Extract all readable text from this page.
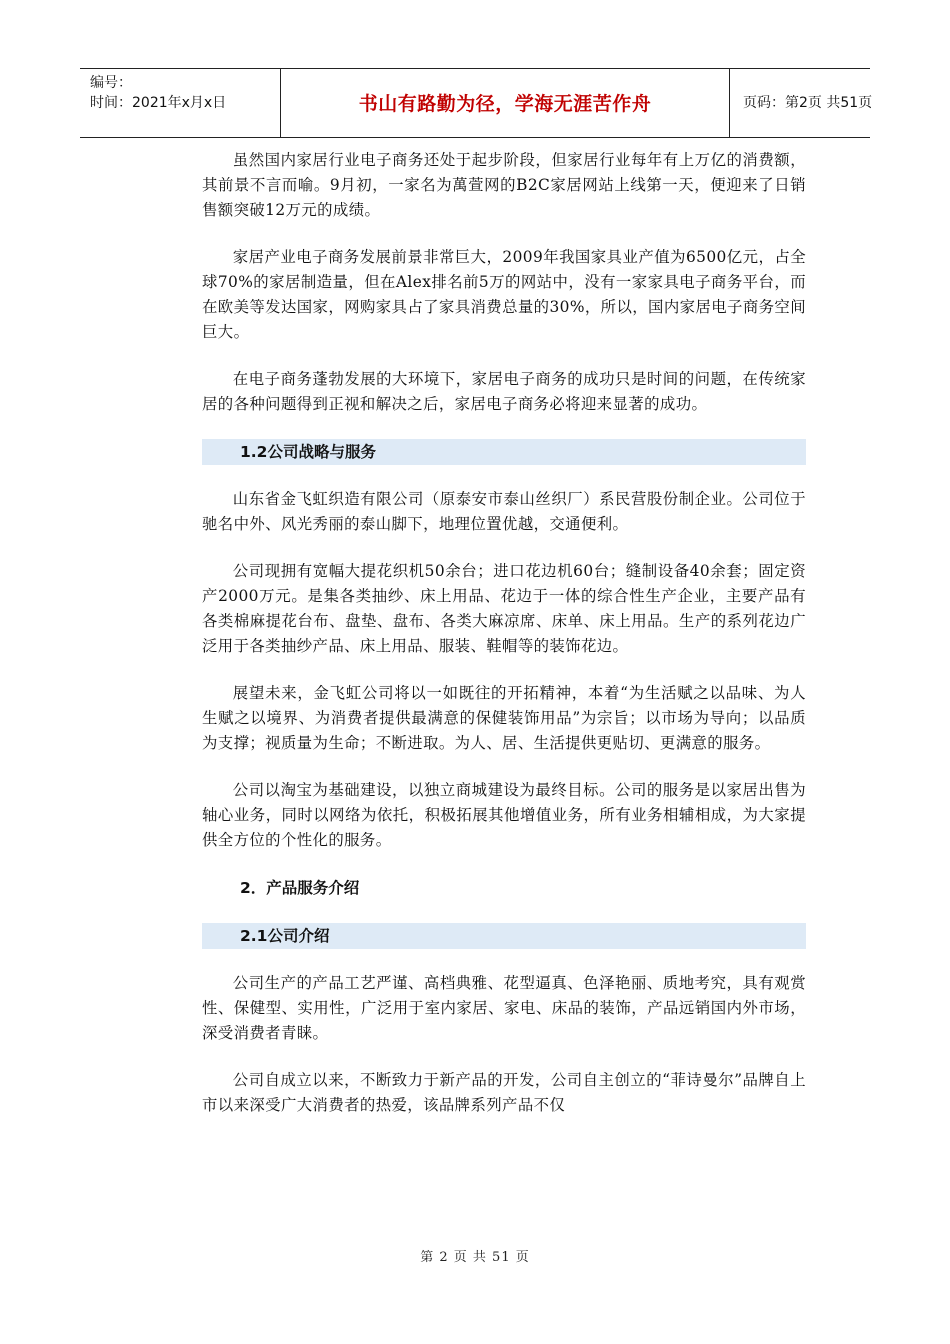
编号：
时间：2021年x月x日	书山有路勤为径，学海无涯苦作舟	页码：第2页 共51页

虽然国内家居行业电子商务还处于起步阶段，但家居行业每年有上万亿的消费额，其前景不言而喻。9月初，一家名为萬萱网的B2C家居网站上线第一天，便迎来了日销售额突破12万元的成绩。

家居产业电子商务发展前景非常巨大，2009年我国家具业产值为6500亿元，占全球70%的家居制造量，但在Alex排名前5万的网站中，没有一家家具电子商务平台，而在欧美等发达国家，网购家具占了家具消费总量的30%，所以，国内家居电子商务空间巨大。

在电子商务蓬勃发展的大环境下，家居电子商务的成功只是时间的问题，在传统家居的各种问题得到正视和解决之后，家居电子商务必将迎来显著的成功。

1.2公司战略与服务

山东省金飞虹织造有限公司（原泰安市泰山丝织厂）系民营股份制企业。公司位于驰名中外、风光秀丽的泰山脚下，地理位置优越，交通便利。

公司现拥有宽幅大提花织机50余台；进口花边机60台；缝制设备40余套；固定资产2000万元。是集各类抽纱、床上用品、花边于一体的综合性生产企业，主要产品有各类棉麻提花台布、盘垫、盘布、各类大麻凉席、床单、床上用品。生产的系列花边广泛用于各类抽纱产品、床上用品、服装、鞋帽等的装饰花边。

展望未来，金飞虹公司将以一如既往的开拓精神，本着“为生活赋之以品味、为人生赋之以境界、为消费者提供最满意的保健装饰用品”为宗旨；以市场为导向；以品质为支撑；视质量为生命；不断进取。为人、居、生活提供更贴切、更满意的服务。

公司以淘宝为基础建设，以独立商城建设为最终目标。公司的服务是以家居出售为轴心业务，同时以网络为依托，积极拓展其他增值业务，所有业务相辅相成，为大家提供全方位的个性化的服务。

2．产品服务介绍
2.1公司介绍

公司生产的产品工艺严谨、高档典雅、花型逼真、色泽艳丽、质地考究，具有观赏性、保健型、实用性，广泛用于室内家居、家电、床品的装饰，产品远销国内外市场，深受消费者青睐。

公司自成立以来，不断致力于新产品的开发，公司自主创立的“菲诗曼尔”品牌自上市以来深受广大消费者的热爱，该品牌系列产品不仅

第 2 页 共 51 页
